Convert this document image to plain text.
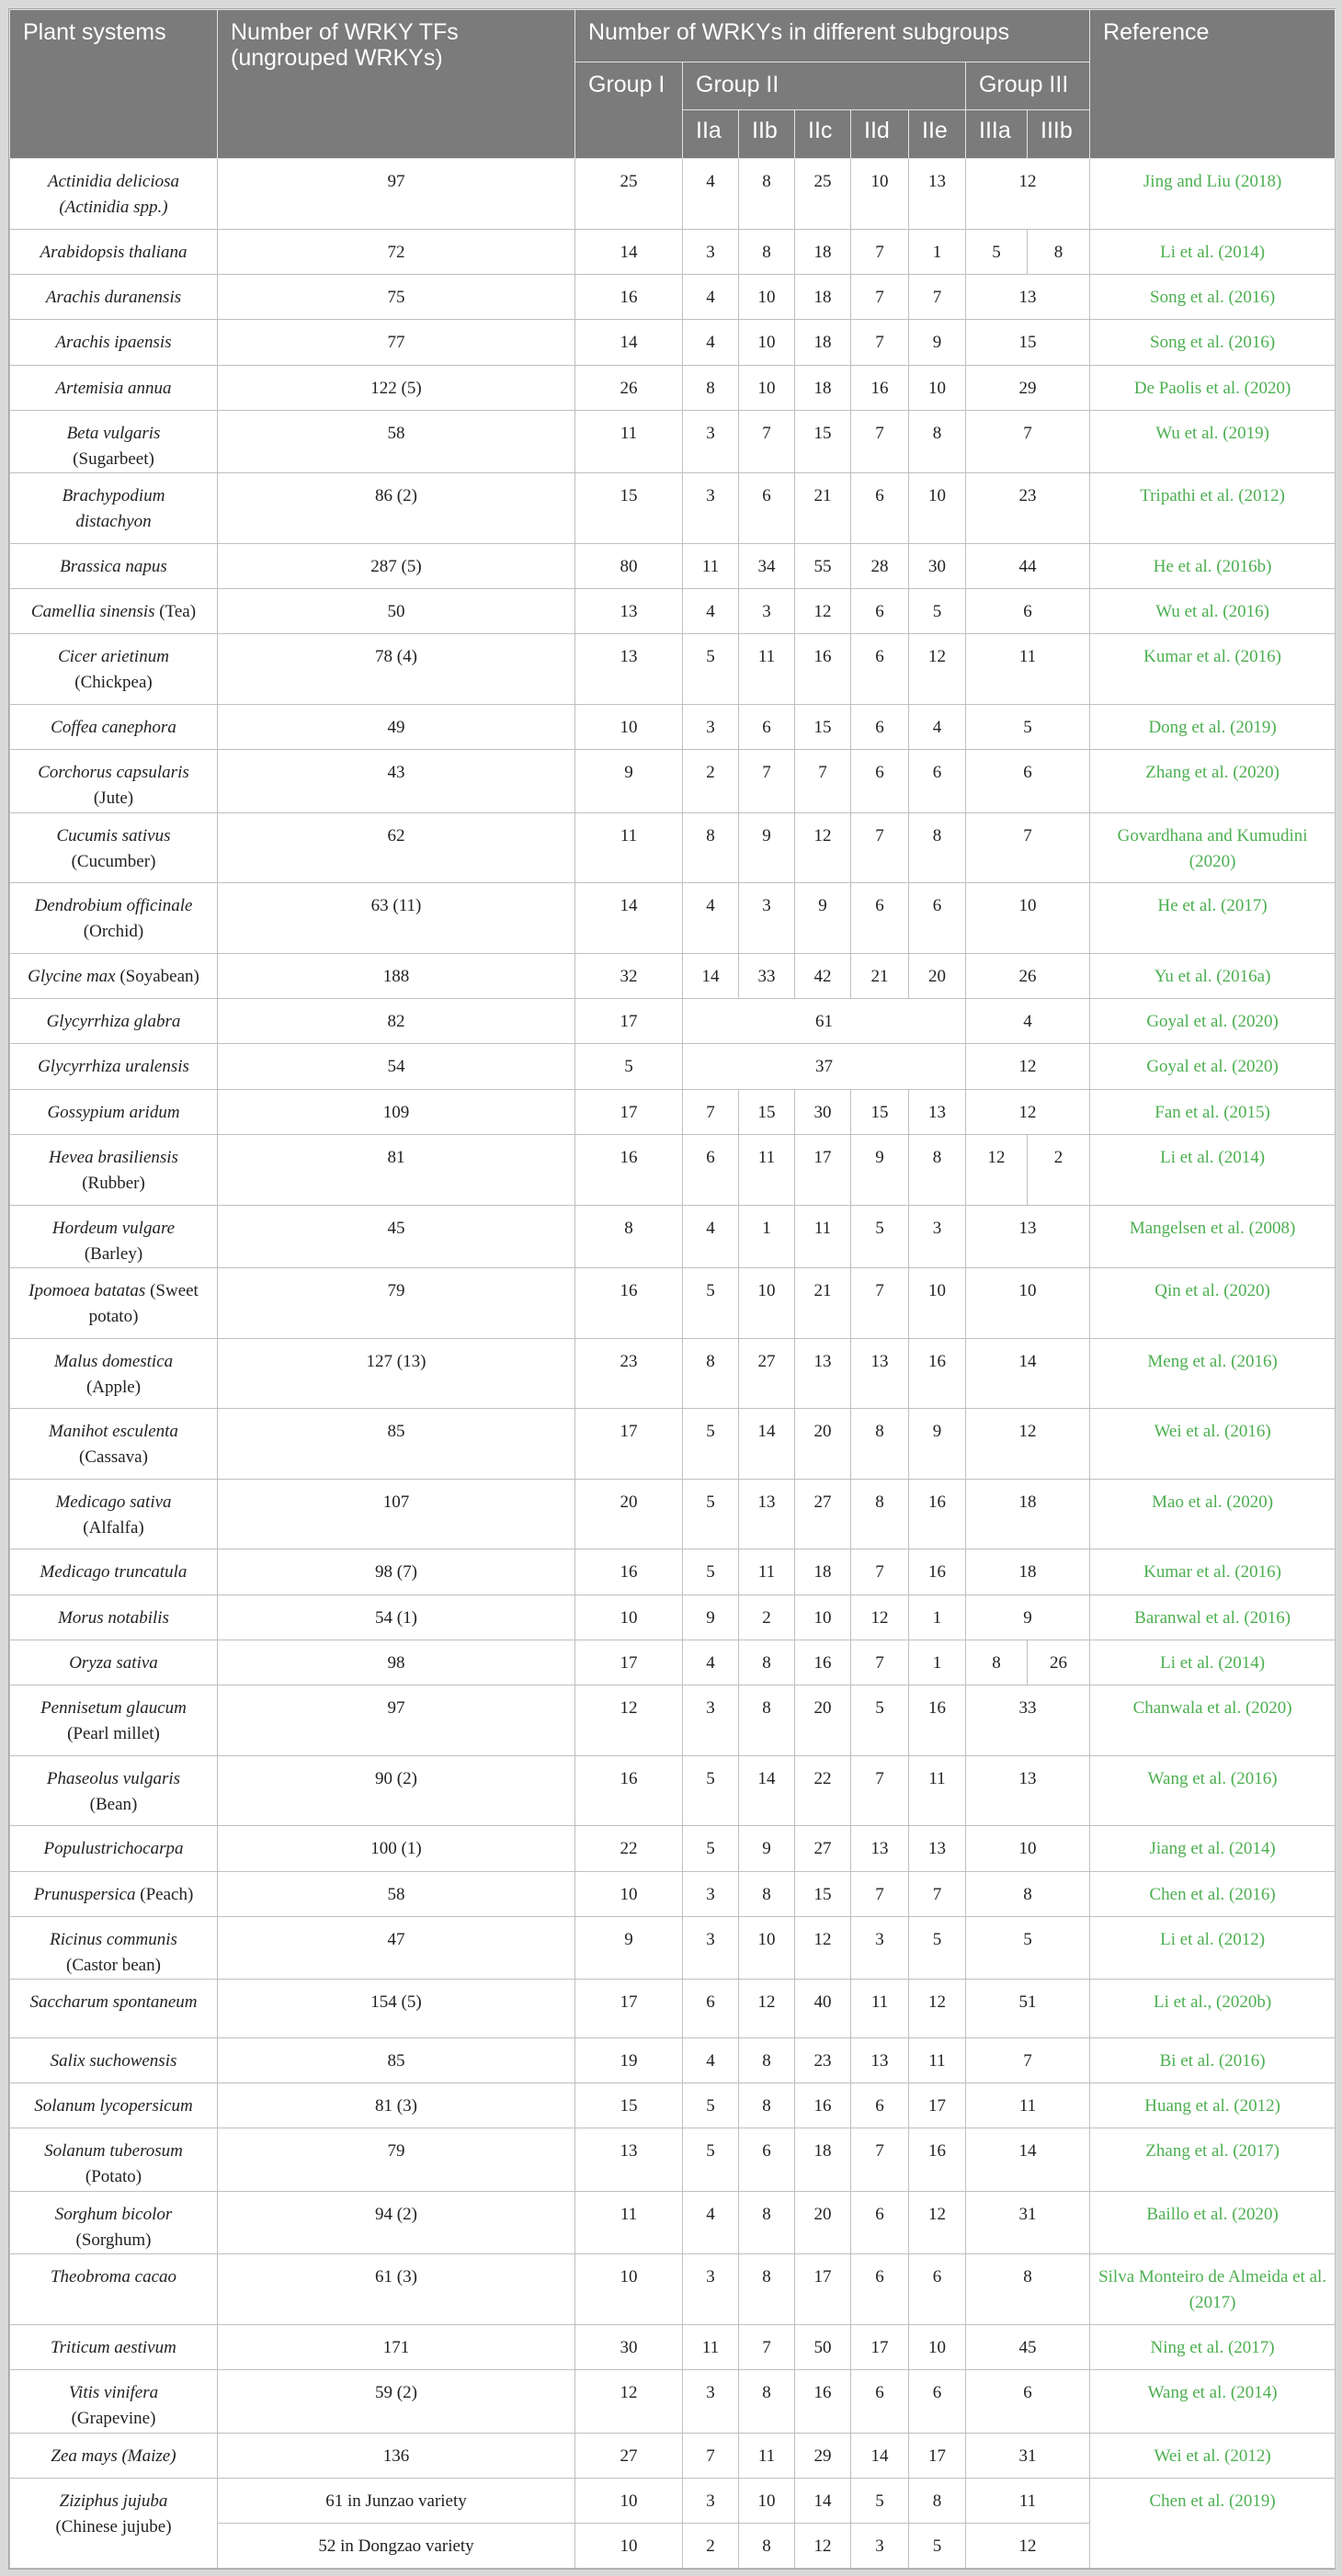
Plant systems	Number of WRKY TFs (ungrouped WRKYs)	Number of WRKYs in different subgroups								Reference
		Group I	Group II					Group III		
			IIa	IIb	IIc	IId	IIe	IIIa	IIIb	
Actinidia deliciosa
(Actinidia spp.)	97	25	4	8	25	10	13	12		Jing and Liu (2018)
Arabidopsis thaliana	72	14	3	8	18	7	1	5	8	Li et al. (2014)
Arachis duranensis	75	16	4	10	18	7	7	13		Song et al. (2016)
Arachis ipaensis	77	14	4	10	18	7	9	15		Song et al. (2016)
Artemisia annua	122 (5)	26	8	10	18	16	10	29		De Paolis et al. (2020)
Beta vulgaris
(Sugarbeet)	58	11	3	7	15	7	8	7		Wu et al. (2019)
Brachypodium
distachyon	86 (2)	15	3	6	21	6	10	23		Tripathi et al. (2012)
Brassica napus	287 (5)	80	11	34	55	28	30	44		He et al. (2016b)
Camellia sinensis (Tea)	50	13	4	3	12	6	5	6		Wu et al. (2016)
Cicer arietinum
(Chickpea)	78 (4)	13	5	11	16	6	12	11		Kumar et al. (2016)
Coffea canephora	49	10	3	6	15	6	4	5		Dong et al. (2019)
Corchorus capsularis
(Jute)	43	9	2	7	7	6	6	6		Zhang et al. (2020)
Cucumis sativus
(Cucumber)	62	11	8	9	12	7	8	7		Govardhana and Kumudini (2020)
Dendrobium officinale
(Orchid)	63 (11)	14	4	3	9	6	6	10		He et al. (2017)
Glycine max (Soyabean)	188	32	14	33	42	21	20	26		Yu et al. (2016a)
Glycyrrhiza glabra	82	17	61					4		Goyal et al. (2020)
Glycyrrhiza uralensis	54	5	37					12		Goyal et al. (2020)
Gossypium aridum	109	17	7	15	30	15	13	12		Fan et al. (2015)
Hevea brasiliensis
(Rubber)	81	16	6	11	17	9	8	12	2	Li et al. (2014)
Hordeum vulgare
(Barley)	45	8	4	1	11	5	3	13		Mangelsen et al. (2008)
Ipomoea batatas (Sweet
potato)	79	16	5	10	21	7	10	10		Qin et al. (2020)
Malus domestica
(Apple)	127 (13)	23	8	27	13	13	16	14		Meng et al. (2016)
Manihot esculenta
(Cassava)	85	17	5	14	20	8	9	12		Wei et al. (2016)
Medicago sativa
(Alfalfa)	107	20	5	13	27	8	16	18		Mao et al. (2020)
Medicago truncatula	98 (7)	16	5	11	18	7	16	18		Kumar et al. (2016)
Morus notabilis	54 (1)	10	9	2	10	12	1	9		Baranwal et al. (2016)
Oryza sativa	98	17	4	8	16	7	1	8	26	Li et al. (2014)
Pennisetum glaucum
(Pearl millet)	97	12	3	8	20	5	16	33		Chanwala et al. (2020)
Phaseolus vulgaris
(Bean)	90 (2)	16	5	14	22	7	11	13		Wang et al. (2016)
Populustrichocarpa	100 (1)	22	5	9	27	13	13	10		Jiang et al. (2014)
Prunuspersica (Peach)	58	10	3	8	15	7	7	8		Chen et al. (2016)
Ricinus communis
(Castor bean)	47	9	3	10	12	3	5	5		Li et al. (2012)
Saccharum spontaneum	154 (5)	17	6	12	40	11	12	51		Li et al., (2020b)
Salix suchowensis	85	19	4	8	23	13	11	7		Bi et al. (2016)
Solanum lycopersicum	81 (3)	15	5	8	16	6	17	11		Huang et al. (2012)
Solanum tuberosum
(Potato)	79	13	5	6	18	7	16	14		Zhang et al. (2017)
Sorghum bicolor
(Sorghum)	94 (2)	11	4	8	20	6	12	31		Baillo et al. (2020)
Theobroma cacao	61 (3)	10	3	8	17	6	6	8		Silva Monteiro de Almeida et al. (2017)
Triticum aestivum	171	30	11	7	50	17	10	45		Ning et al. (2017)
Vitis vinifera
(Grapevine)	59 (2)	12	3	8	16	6	6	6		Wang et al. (2014)
Zea mays (Maize)	136	27	7	11	29	14	17	31		Wei et al. (2012)
Ziziphus jujuba
(Chinese jujube)	61 in Junzao variety	10	3	10	14	5	8	11		Chen et al. (2019)
	52 in Dongzao variety	10	2	8	12	3	5	12		
